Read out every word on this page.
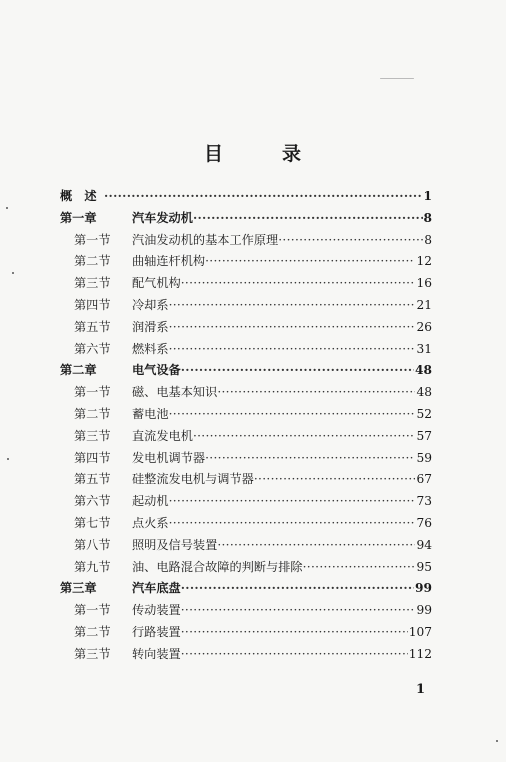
目	录
概　述 ·····	1
第一章	汽车发动机 ·····	8
第一节 汽油发动机的基本工作原理 ·····	8
第二节 曲轴连杆机构 ·····	12
第三节 配气机构 ·····	16
第四节 冷却系 ·····	21
第五节 润滑系 ·····	26
第六节 燃料系 ·····	31
第二章	电气设备 ·····	48
第一节 磁、电基本知识 ·····	48
第二节 蓄电池 ·····	52
第三节 直流发电机 ·····	57
第四节 发电机调节器 ·····	59
第五节 硅整流发电机与调节器 ·····	67
第六节 起动机 ·····	73
第七节 点火系 ·····	76
第八节 照明及信号装置 ·····	94
第九节 油、电路混合故障的判断与排除 ·····	95
第三章	汽车底盘 ·····	99
第一节 传动装置 ·····	99
第二节 行路装置 ·····	107
第三节 转向装置 ·····	112
1
